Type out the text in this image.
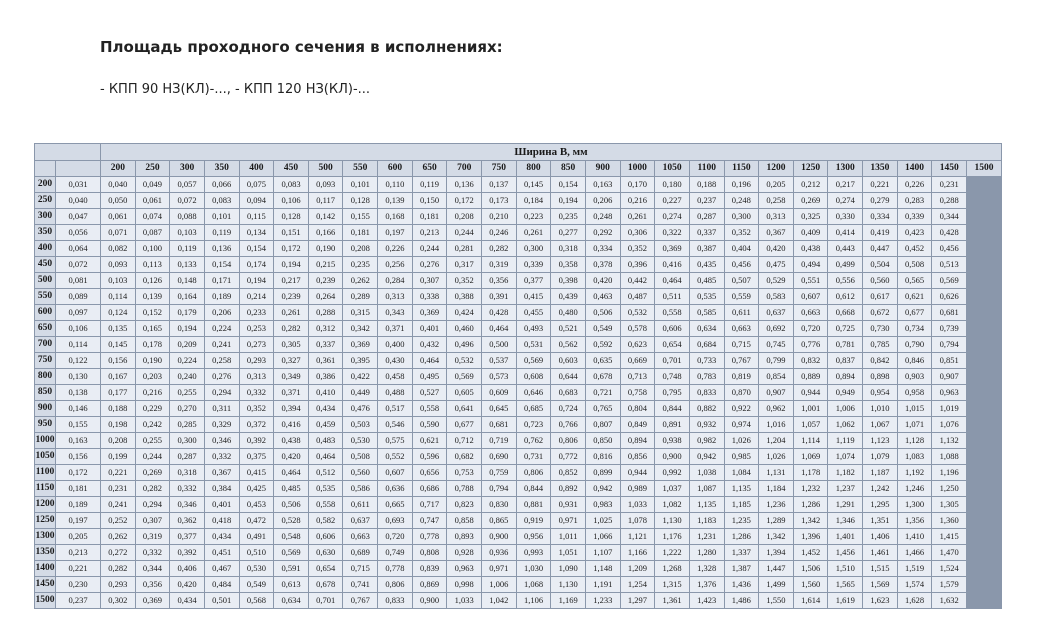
Площадь проходного сечения в исполнениях:
- КПП 90 НЗ(КЛ)-..., - КПП 120 НЗ(КЛ)-...
		Ширина B, мм																									
		200	250	300	350	400	450	500	550	600	650	700	750	800	850	900	1000	1050	1100	1150	1200	1250	1300	1350	1400	1450	1500
200	0,031	0,040	0,049	0,057	0,066	0,075	0,083	0,093	0,101	0,110	0,119	0,136	0,137	0,145	0,154	0,163	0,170	0,180	0,188	0,196	0,205	0,212	0,217	0,221	0,226	0,231	
250	0,040	0,050	0,061	0,072	0,083	0,094	0,106	0,117	0,128	0,139	0,150	0,172	0,173	0,184	0,194	0,206	0,216	0,227	0,237	0,248	0,258	0,269	0,274	0,279	0,283	0,288	
300	0,047	0,061	0,074	0,088	0,101	0,115	0,128	0,142	0,155	0,168	0,181	0,208	0,210	0,223	0,235	0,248	0,261	0,274	0,287	0,300	0,313	0,325	0,330	0,334	0,339	0,344	
350	0,056	0,071	0,087	0,103	0,119	0,134	0,151	0,166	0,181	0,197	0,213	0,244	0,246	0,261	0,277	0,292	0,306	0,322	0,337	0,352	0,367	0,409	0,414	0,419	0,423	0,428	
400	0,064	0,082	0,100	0,119	0,136	0,154	0,172	0,190	0,208	0,226	0,244	0,281	0,282	0,300	0,318	0,334	0,352	0,369	0,387	0,404	0,420	0,438	0,443	0,447	0,452	0,456	
450	0,072	0,093	0,113	0,133	0,154	0,174	0,194	0,215	0,235	0,256	0,276	0,317	0,319	0,339	0,358	0,378	0,396	0,416	0,435	0,456	0,475	0,494	0,499	0,504	0,508	0,513	
500	0,081	0,103	0,126	0,148	0,171	0,194	0,217	0,239	0,262	0,284	0,307	0,352	0,356	0,377	0,398	0,420	0,442	0,464	0,485	0,507	0,529	0,551	0,556	0,560	0,565	0,569	
550	0,089	0,114	0,139	0,164	0,189	0,214	0,239	0,264	0,289	0,313	0,338	0,388	0,391	0,415	0,439	0,463	0,487	0,511	0,535	0,559	0,583	0,607	0,612	0,617	0,621	0,626	
600	0,097	0,124	0,152	0,179	0,206	0,233	0,261	0,288	0,315	0,343	0,369	0,424	0,428	0,455	0,480	0,506	0,532	0,558	0,585	0,611	0,637	0,663	0,668	0,672	0,677	0,681	
650	0,106	0,135	0,165	0,194	0,224	0,253	0,282	0,312	0,342	0,371	0,401	0,460	0,464	0,493	0,521	0,549	0,578	0,606	0,634	0,663	0,692	0,720	0,725	0,730	0,734	0,739	
700	0,114	0,145	0,178	0,209	0,241	0,273	0,305	0,337	0,369	0,400	0,432	0,496	0,500	0,531	0,562	0,592	0,623	0,654	0,684	0,715	0,745	0,776	0,781	0,785	0,790	0,794	
750	0,122	0,156	0,190	0,224	0,258	0,293	0,327	0,361	0,395	0,430	0,464	0,532	0,537	0,569	0,603	0,635	0,669	0,701	0,733	0,767	0,799	0,832	0,837	0,842	0,846	0,851	
800	0,130	0,167	0,203	0,240	0,276	0,313	0,349	0,386	0,422	0,458	0,495	0,569	0,573	0,608	0,644	0,678	0,713	0,748	0,783	0,819	0,854	0,889	0,894	0,898	0,903	0,907	
850	0,138	0,177	0,216	0,255	0,294	0,332	0,371	0,410	0,449	0,488	0,527	0,605	0,609	0,646	0,683	0,721	0,758	0,795	0,833	0,870	0,907	0,944	0,949	0,954	0,958	0,963	
900	0,146	0,188	0,229	0,270	0,311	0,352	0,394	0,434	0,476	0,517	0,558	0,641	0,645	0,685	0,724	0,765	0,804	0,844	0,882	0,922	0,962	1,001	1,006	1,010	1,015	1,019	
950	0,155	0,198	0,242	0,285	0,329	0,372	0,416	0,459	0,503	0,546	0,590	0,677	0,681	0,723	0,766	0,807	0,849	0,891	0,932	0,974	1,016	1,057	1,062	1,067	1,071	1,076	
1000	0,163	0,208	0,255	0,300	0,346	0,392	0,438	0,483	0,530	0,575	0,621	0,712	0,719	0,762	0,806	0,850	0,894	0,938	0,982	1,026	1,204	1,114	1,119	1,123	1,128	1,132	
1050	0,156	0,199	0,244	0,287	0,332	0,375	0,420	0,464	0,508	0,552	0,596	0,682	0,690	0,731	0,772	0,816	0,856	0,900	0,942	0,985	1,026	1,069	1,074	1,079	1,083	1,088	
1100	0,172	0,221	0,269	0,318	0,367	0,415	0,464	0,512	0,560	0,607	0,656	0,753	0,759	0,806	0,852	0,899	0,944	0,992	1,038	1,084	1,131	1,178	1,182	1,187	1,192	1,196	
1150	0,181	0,231	0,282	0,332	0,384	0,425	0,485	0,535	0,586	0,636	0,686	0,788	0,794	0,844	0,892	0,942	0,989	1,037	1,087	1,135	1,184	1,232	1,237	1,242	1,246	1,250	
1200	0,189	0,241	0,294	0,346	0,401	0,453	0,506	0,558	0,611	0,665	0,717	0,823	0,830	0,881	0,931	0,983	1,033	1,082	1,135	1,185	1,236	1,286	1,291	1,295	1,300	1,305	
1250	0,197	0,252	0,307	0,362	0,418	0,472	0,528	0,582	0,637	0,693	0,747	0,858	0,865	0,919	0,971	1,025	1,078	1,130	1,183	1,235	1,289	1,342	1,346	1,351	1,356	1,360	
1300	0,205	0,262	0,319	0,377	0,434	0,491	0,548	0,606	0,663	0,720	0,778	0,893	0,900	0,956	1,011	1,066	1,121	1,176	1,231	1,286	1,342	1,396	1,401	1,406	1,410	1,415	
1350	0,213	0,272	0,332	0,392	0,451	0,510	0,569	0,630	0,689	0,749	0,808	0,928	0,936	0,993	1,051	1,107	1,166	1,222	1,280	1,337	1,394	1,452	1,456	1,461	1,466	1,470	
1400	0,221	0,282	0,344	0,406	0,467	0,530	0,591	0,654	0,715	0,778	0,839	0,963	0,971	1,030	1,090	1,148	1,209	1,268	1,328	1,387	1,447	1,506	1,510	1,515	1,519	1,524	
1450	0,230	0,293	0,356	0,420	0,484	0,549	0,613	0,678	0,741	0,806	0,869	0,998	1,006	1,068	1,130	1,191	1,254	1,315	1,376	1,436	1,499	1,560	1,565	1,569	1,574	1,579	
1500	0,237	0,302	0,369	0,434	0,501	0,568	0,634	0,701	0,767	0,833	0,900	1,033	1,042	1,106	1,169	1,233	1,297	1,361	1,423	1,486	1,550	1,614	1,619	1,623	1,628	1,632	
